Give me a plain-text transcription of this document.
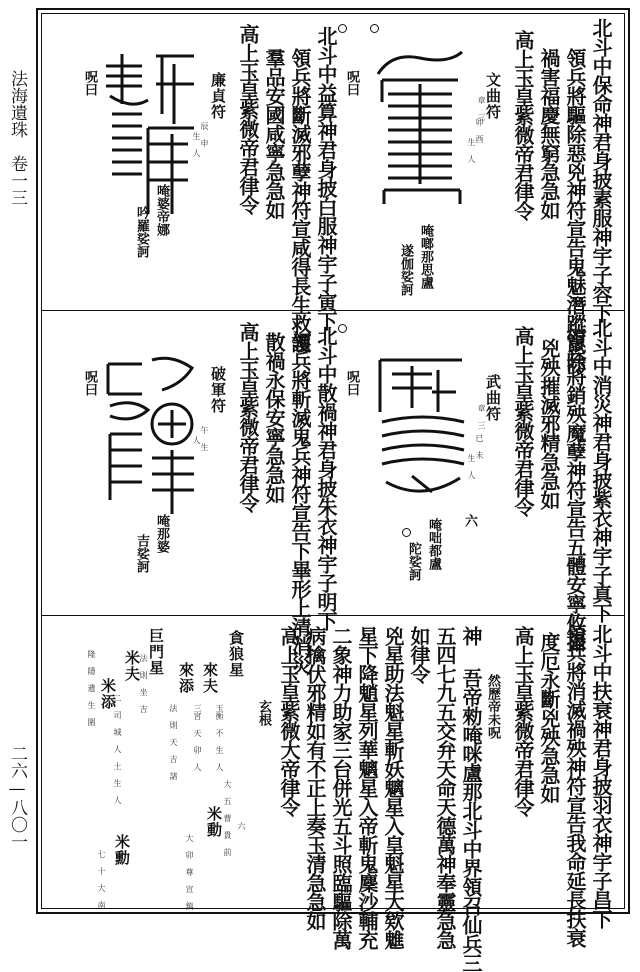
法海遺珠　卷一三
二六—八〇一
北斗中保命神君身披素服神宇子容下
領兵將驅除惡兇神符宣告鬼魅潛蹤竄除
禍害福慶無窮急急如
高上玉皇紫微帝君律令
文曲符
卯 酉
章 三
生 人
唵啷那思盧
遂伽娑訶
呪曰
北斗中益算神君身披白服神宇子寅下
領兵將斷滅邪孽神符宣咸得長生救護
羣品安國咸寧急急如
高上玉皇紫微帝君律令
廉貞符
辰 申
生 人
唵婆帝娜
吟羅娑訶
呪曰
北斗中消災神君身披紫衣神宇子真下
領兵將銷殃魔孽神符宣告五體安寧攸攝
兇殃摧滅邪精急急如
高上玉皇紫微帝君律令
武曲符
巳 未
章 三
生 人
六
唵咄都盧
陀娑訶
呪曰
北斗中散禍神君身披朱衣神宇子明下
領兵將斬滅鬼兵神符宣告下畢形上清消災
散禍永保安寧急急如
高上玉皇紫微帝君律令
破軍符
午 生
人
唵那婆
吉娑訶
呪曰
北斗中扶衰神君身披羽衣神宇子昌下
領兵將消滅禍殃神符宣告我命延長扶衰
度厄永斷兇殃急急如
高上玉皇紫微帝君律令
然歷帝未呪
神 吾帝勑唵咪盧那北斗中界領召仙兵三
五四七九五交弁天命天德萬神奉靈急急
如律令
兇星助法魁星斬妖魑星入皇魁星大欸魋
星下降魈星列華魑星入帝斬鬼麇沙輔充
二象神力助家三台併光五斗照臨驅除萬
病擒伏邪精如有不正上奏玉清急急如
高上玉皇紫微大帝律令
玄根
貪狼星
來夫
玉衡 不 生 人
三宮 天 卯 人
來添
法 則 天 吉 諸
巨門星
米夫
二 司 城 人 土 生 人
米添
隆 隱 遺 生 圍	法 則 坐 吉
米動 大 五 曹 貴 前
大 卯 尊 宣 鎮
米勳
七 十 大 南
六
